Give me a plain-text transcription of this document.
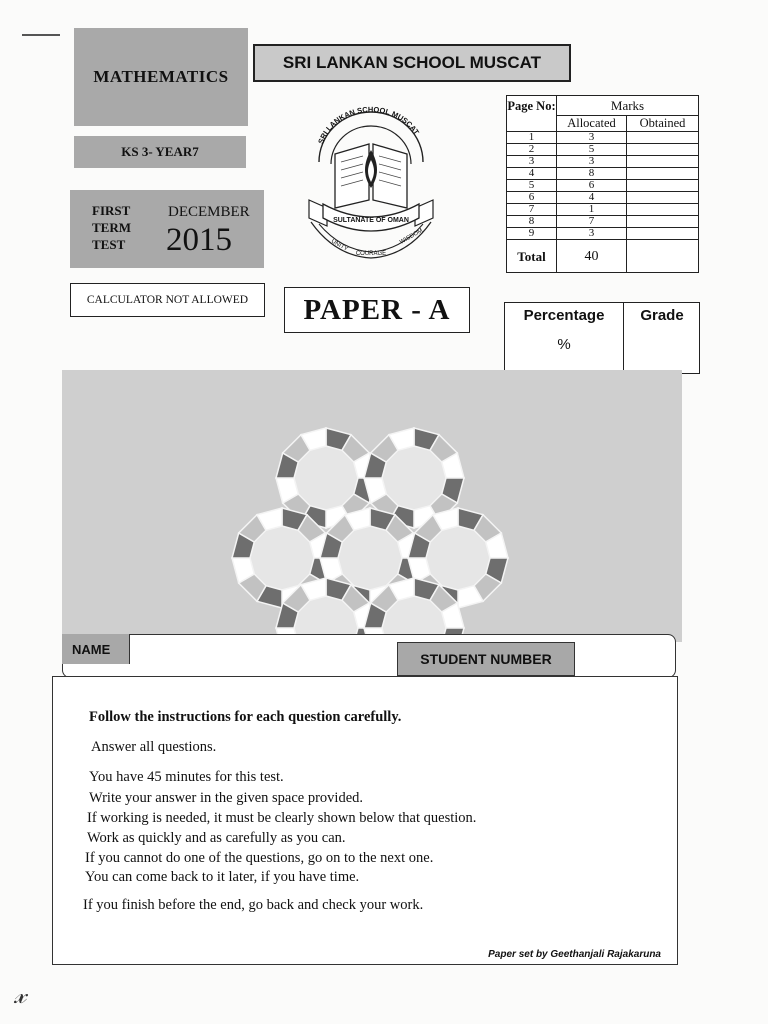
MATHEMATICS
KS 3- YEAR7
FIRST
TERM
TEST
DECEMBER
2015
SRI LANKAN SCHOOL MUSCAT
SRI LANKAN SCHOOL MUSCAT
SULTANATE OF OMAN
UNITY
COURAGE
WISDOM
CALCULATOR NOT ALLOWED	PAPER - A
Page No:	Marks	
	Allocated	Obtained
1	3	
2	5	
3	3	
4	8	
5	6	
6	4	
7	1	
8	7	
9	3	
Total	40	
Percentage
%
Grade
NAME
STUDENT NUMBER

Follow the instructions for each question carefully.

Answer all questions.

You have 45 minutes for this test.

Write your answer in the given space provided.

If working is needed, it must be clearly shown below that question.

Work as quickly and as carefully as you can.

If you cannot do one of the questions, go on to the next one.

You can come back to it later, if you have time.

If you finish before the end, go back and check your work.

Paper set by Geethanjali Rajakaruna
𝓍
